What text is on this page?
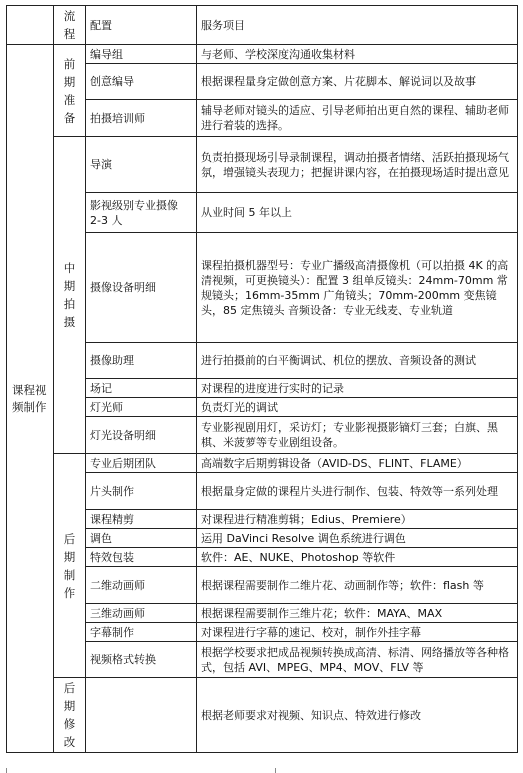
	流程	配置	服务项目
课程视频制作	前期准备	编导组	与老师、学校深度沟通收集材料
		创意编导	根据课程量身定做创意方案、片花脚本、解说词以及故事
		拍摄培训师	辅导老师对镜头的适应、引导老师拍出更自然的课程、辅助老师进行着装的选择。
	中期拍摄	导演	负责拍摄现场引导录制课程，调动拍摄者情绪、活跃拍摄现场气氛，增强镜头表现力；把握讲课内容，在拍摄现场适时提出意见
		影视级别专业摄像 2-3 人	从业时间 5 年以上
		摄像设备明细	课程拍摄机器型号：专业广播级高清摄像机（可以拍摄 4K 的高清视频，可更换镜头）：配置 3 组单反镜头：24mm-70mm 常规镜头；16mm-35mm 广角镜头；70mm-200mm 变焦镜头，85 定焦镜头 音频设备：专业无线麦、专业轨道
		摄像助理	进行拍摄前的白平衡调试、机位的摆放、音频设备的测试
		场记	对课程的进度进行实时的记录
		灯光师	负责灯光的调试
		灯光设备明细	专业影视剧用灯，采访灯；专业影视摄影镝灯三套；白旗、黑棋、米菠萝等专业剧组设备。
	后期制作	专业后期团队	高端数字后期剪辑设备（AVID-DS、FLINT、FLAME）
		片头制作	根据量身定做的课程片头进行制作、包装、特效等一系列处理
		课程精剪	对课程进行精准剪辑；Edius、Premiere）
		调色	运用 DaVinci Resolve 调色系统进行调色
		特效包装	软件：AE、NUKE、Photoshop 等软件
		二维动画师	根据课程需要制作二维片花、动画制作等；软件：flash 等
		三维动画师	根据课程需要制作三维片花；软件：MAYA、MAX
		字幕制作	对课程进行字幕的速记、校对，制作外挂字幕
		视频格式转换	根据学校要求把成品视频转换成高清、标清、网络播放等各种格式，包括 AVI、MPEG、MP4、MOV、FLV 等
	后期修改		根据老师要求对视频、知识点、特效进行修改
